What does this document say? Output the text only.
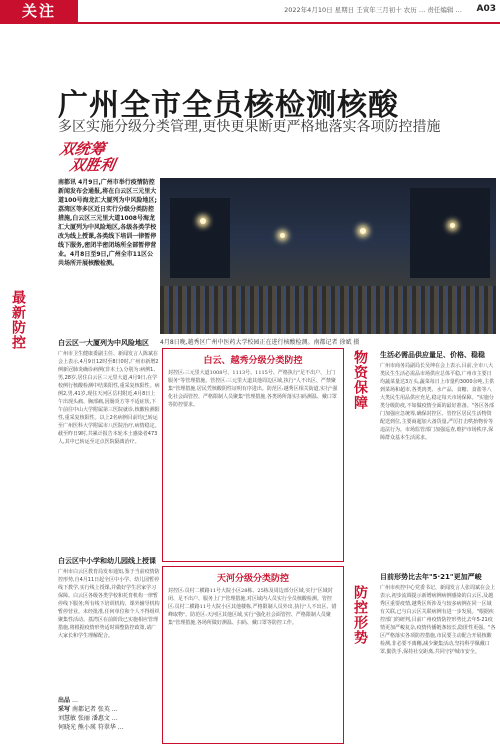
关注	2022年4月10日 星期日 壬寅年三月初十 农历 … 责任编辑 … A03
广州全市全员核检测核酸
多区实施分级分类管理,更快更果断更严格地落实各项防控措施
双统筹
双胜利
南都讯 4月9日,广州市举行疫情防控新闻发布会通报,将在白云区三元里大道100号海龙汇大厦列为中风险地区;荔湾区等多区近日实行分级分类防控措施,白云区三元里大道1008号海龙汇大厦列为中风险地区,各级各类学校改为线上授课,各类线下培训一律暂停线下服务,密闭半密闭场所全部暂停营业。4月8日至9日,广州全市11区公共场所开展核酸检测。
最新防控	白云区一大厦列为中风险地区
广州市卫生健康委副主任、新闻发言人陈斌在会上表示,4月9日12时至8日0时,广州市新增2例新冠肺炎确诊病例(非本土),分别为:病例1,男,28岁,居住白云区三元里大道,4月9日,在学校例行核酸检测中结果阳性,重采复核阳性。病例2,男,41岁,现住天河区岳村附近,4月8日上午出现头痛、胸部痛,因肠炎方等不适症状,下午前往中山大学附属第三医院就诊,核酸检测阳性,重采复核阳性。以上2名病例目前均已转运至广州医科大学附属市八医院治疗,病情稳定。截至昨日9时,共累计报告本轮本土感染者473人,其中已转运至定点医院隔离治疗。
白云区中小学和幼儿园线上授课
广州市白云区教育局发布通知,鉴于当前疫情防控形势,自4月11日起全区中小学、幼儿园暂停线下教学,实行线上授课,并做好学生居家学习保障。白云区各级各类学校和托育机构一律暂停线下服务;所有线下培训机构、课外辅导机构暂停营业。未经批准,任何单位和个人不得组织聚集性活动。荔湾区在前阶段已实施相应管理措施,将根据疫情形势适时调整防控政策,请广大家长和学生理解配合。
出品 …
采写 南都记者 张英 …
刘慧敏 张丽 潘惠文 …
何晓光 熊小瑛 符翠华 …
4月8日晚,越秀区广州中医药大学校园正在进行核酸检测。南都记者 徐斌 摄
白云、越秀分级分类防控
封控区:三元里大道1008号、1113号、1115号、严格执行"足不出户、上门服务"等管理措施。管控区:三元里大道其他周边区域,执行"人不出区、严禁聚集"管理措施,居民凭核酸阴性证明有序进出。防范区:越秀区相关街道,实行"强化社会面管控、严格限制人员聚集"管理措施,各类场所落实扫码测温、戴口罩等防控要求。
天河分级分类防控
封控区:员村二横路11号大院小区28栋、25栋及周边部分区域,实行"区域封闭、足不出户、服务上门"管理措施,对区域内人员实行全员核酸检测。管控区:员村二横路11号大院小区其他楼栋,严格限制人员外出,执行"人不出区、错峰取物"。防范区:天河区其他区域,实行"强化社会面管控、严格限制人员聚集"管理措施,各场所做好测温、扫码、戴口罩等防控工作。
物资保障 生活必需品供应量足、价格、稳稳
广州市商务局副局长吴坤在会上表示,目前,全市八大类民生生活必需品市场供应总体平稳,广州市主要日均蔬菜量达3万头,蔬菜每日上市量约3000余吨,主供到菜场和超市,各类肉类、水产品、食糖、食盐等八大类民生用品供应充足,稳定每天市场保障。"实施分类分级防疫,不如做疫情全面的最好准备。"各区各部门加强应急统筹,确保封控区、管控区居民生活物资配送到位,主要商超加大备货量,严厉打击哄抬物价等违法行为。市场监管部门加强巡查,维护市场秩序,保障群众基本生活需求。
防控形势
目前形势比去年"5·21"更加严峻
广州市疾控中心党委书记、新闻发言人张周斌在会上表示,初步流调提示新增病例病例感染的白云区,及越秀区重要疫情,越秀区所涉及与较多病例在同一区域有关联,已与白云区关联病例有进一步发展。"根据疾控部门的研判,目前广州疫情防控形势比去年5·21疫情更加严峻复杂,疫情传播链条较长,隐匿性更强。"各区严格落实各项防控措施,市民要主动配合开展核酸检测,非必要不离穗,减少聚集活动,坚持科学佩戴口罩,勤洗手,保持社交距离,共同守护城市安全。
